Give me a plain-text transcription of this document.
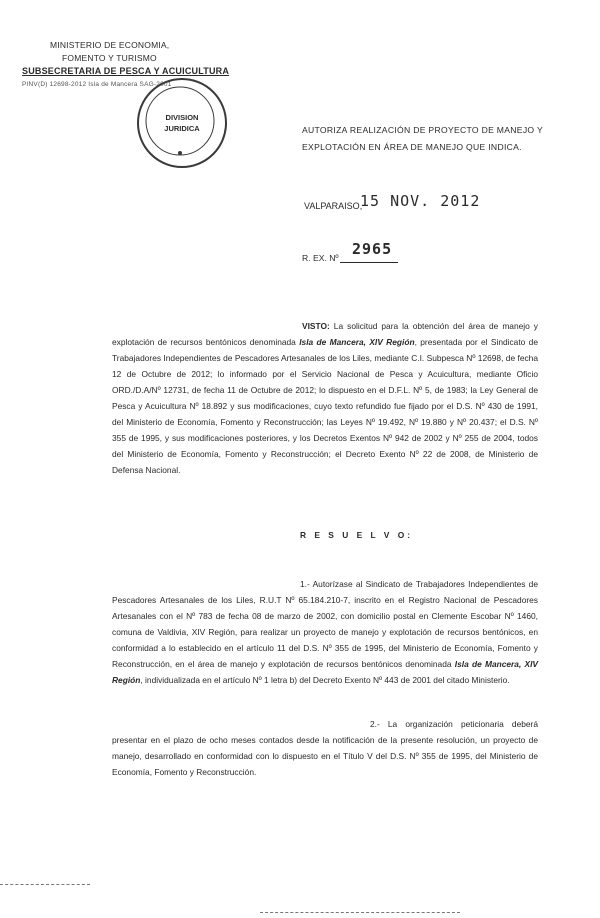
MINISTERIO DE ECONOMIA,
FOMENTO Y TURISMO
SUBSECRETARIA DE PESCA Y ACUICULTURA
PINV(D) 12698-2012 Isla de Mancera SAG-2001
DIVISION
JURIDICA	AUTORIZA REALIZACIÓN DE PROYECTO DE MANEJO Y EXPLOTACIÓN EN ÁREA DE MANEJO QUE INDICA.
VALPARAISO,
15 NOV. 2012
R. EX. Nº 2965
VISTO: La solicitud para la obtención del área de manejo y explotación de recursos bentónicos denominada Isla de Mancera, XIV Región, presentada por el Sindicato de Trabajadores Independientes de Pescadores Artesanales de los Liles, mediante C.I. Subpesca Nº 12698, de fecha 12 de Octubre de 2012; lo informado por el Servicio Nacional de Pesca y Acuicultura, mediante Oficio ORD./D.A/Nº 12731, de fecha 11 de Octubre de 2012; lo dispuesto en el D.F.L. Nº 5, de 1983; la Ley General de Pesca y Acuicultura Nº 18.892 y sus modificaciones, cuyo texto refundido fue fijado por el D.S. Nº 430 de 1991, del Ministerio de Economía, Fomento y Reconstrucción; las Leyes Nº 19.492, Nº 19.880 y Nº 20.437; el D.S. Nº 355 de 1995, y sus modificaciones posteriores, y los Decretos Exentos Nº 942 de 2002 y Nº 255 de 2004, todos del Ministerio de Economía, Fomento y Reconstrucción; el Decreto Exento Nº 22 de 2008, de Ministerio de Defensa Nacional.
R E S U E L V O:
1.- Autorízase al Sindicato de Trabajadores Independientes de Pescadores Artesanales de los Liles, R.U.T Nº 65.184.210-7, inscrito en el Registro Nacional de Pescadores Artesanales con el Nº 783 de fecha 08 de marzo de 2002, con domicilio postal en Clemente Escobar Nº 1460, comuna de Valdivia, XIV Región, para realizar un proyecto de manejo y explotación de recursos bentónicos, en conformidad a lo establecido en el artículo 11 del D.S. Nº 355 de 1995, del Ministerio de Economía, Fomento y Reconstrucción, en el área de manejo y explotación de recursos bentónicos denominada Isla de Mancera, XIV Región, individualizada en el artículo Nº 1 letra b) del Decreto Exento Nº 443 de 2001 del citado Ministerio.
2.- La organización peticionaria deberá presentar en el plazo de ocho meses contados desde la notificación de la presente resolución, un proyecto de manejo, desarrollado en conformidad con lo dispuesto en el Título V del D.S. Nº 355 de 1995, del Ministerio de Economía, Fomento y Reconstrucción.
